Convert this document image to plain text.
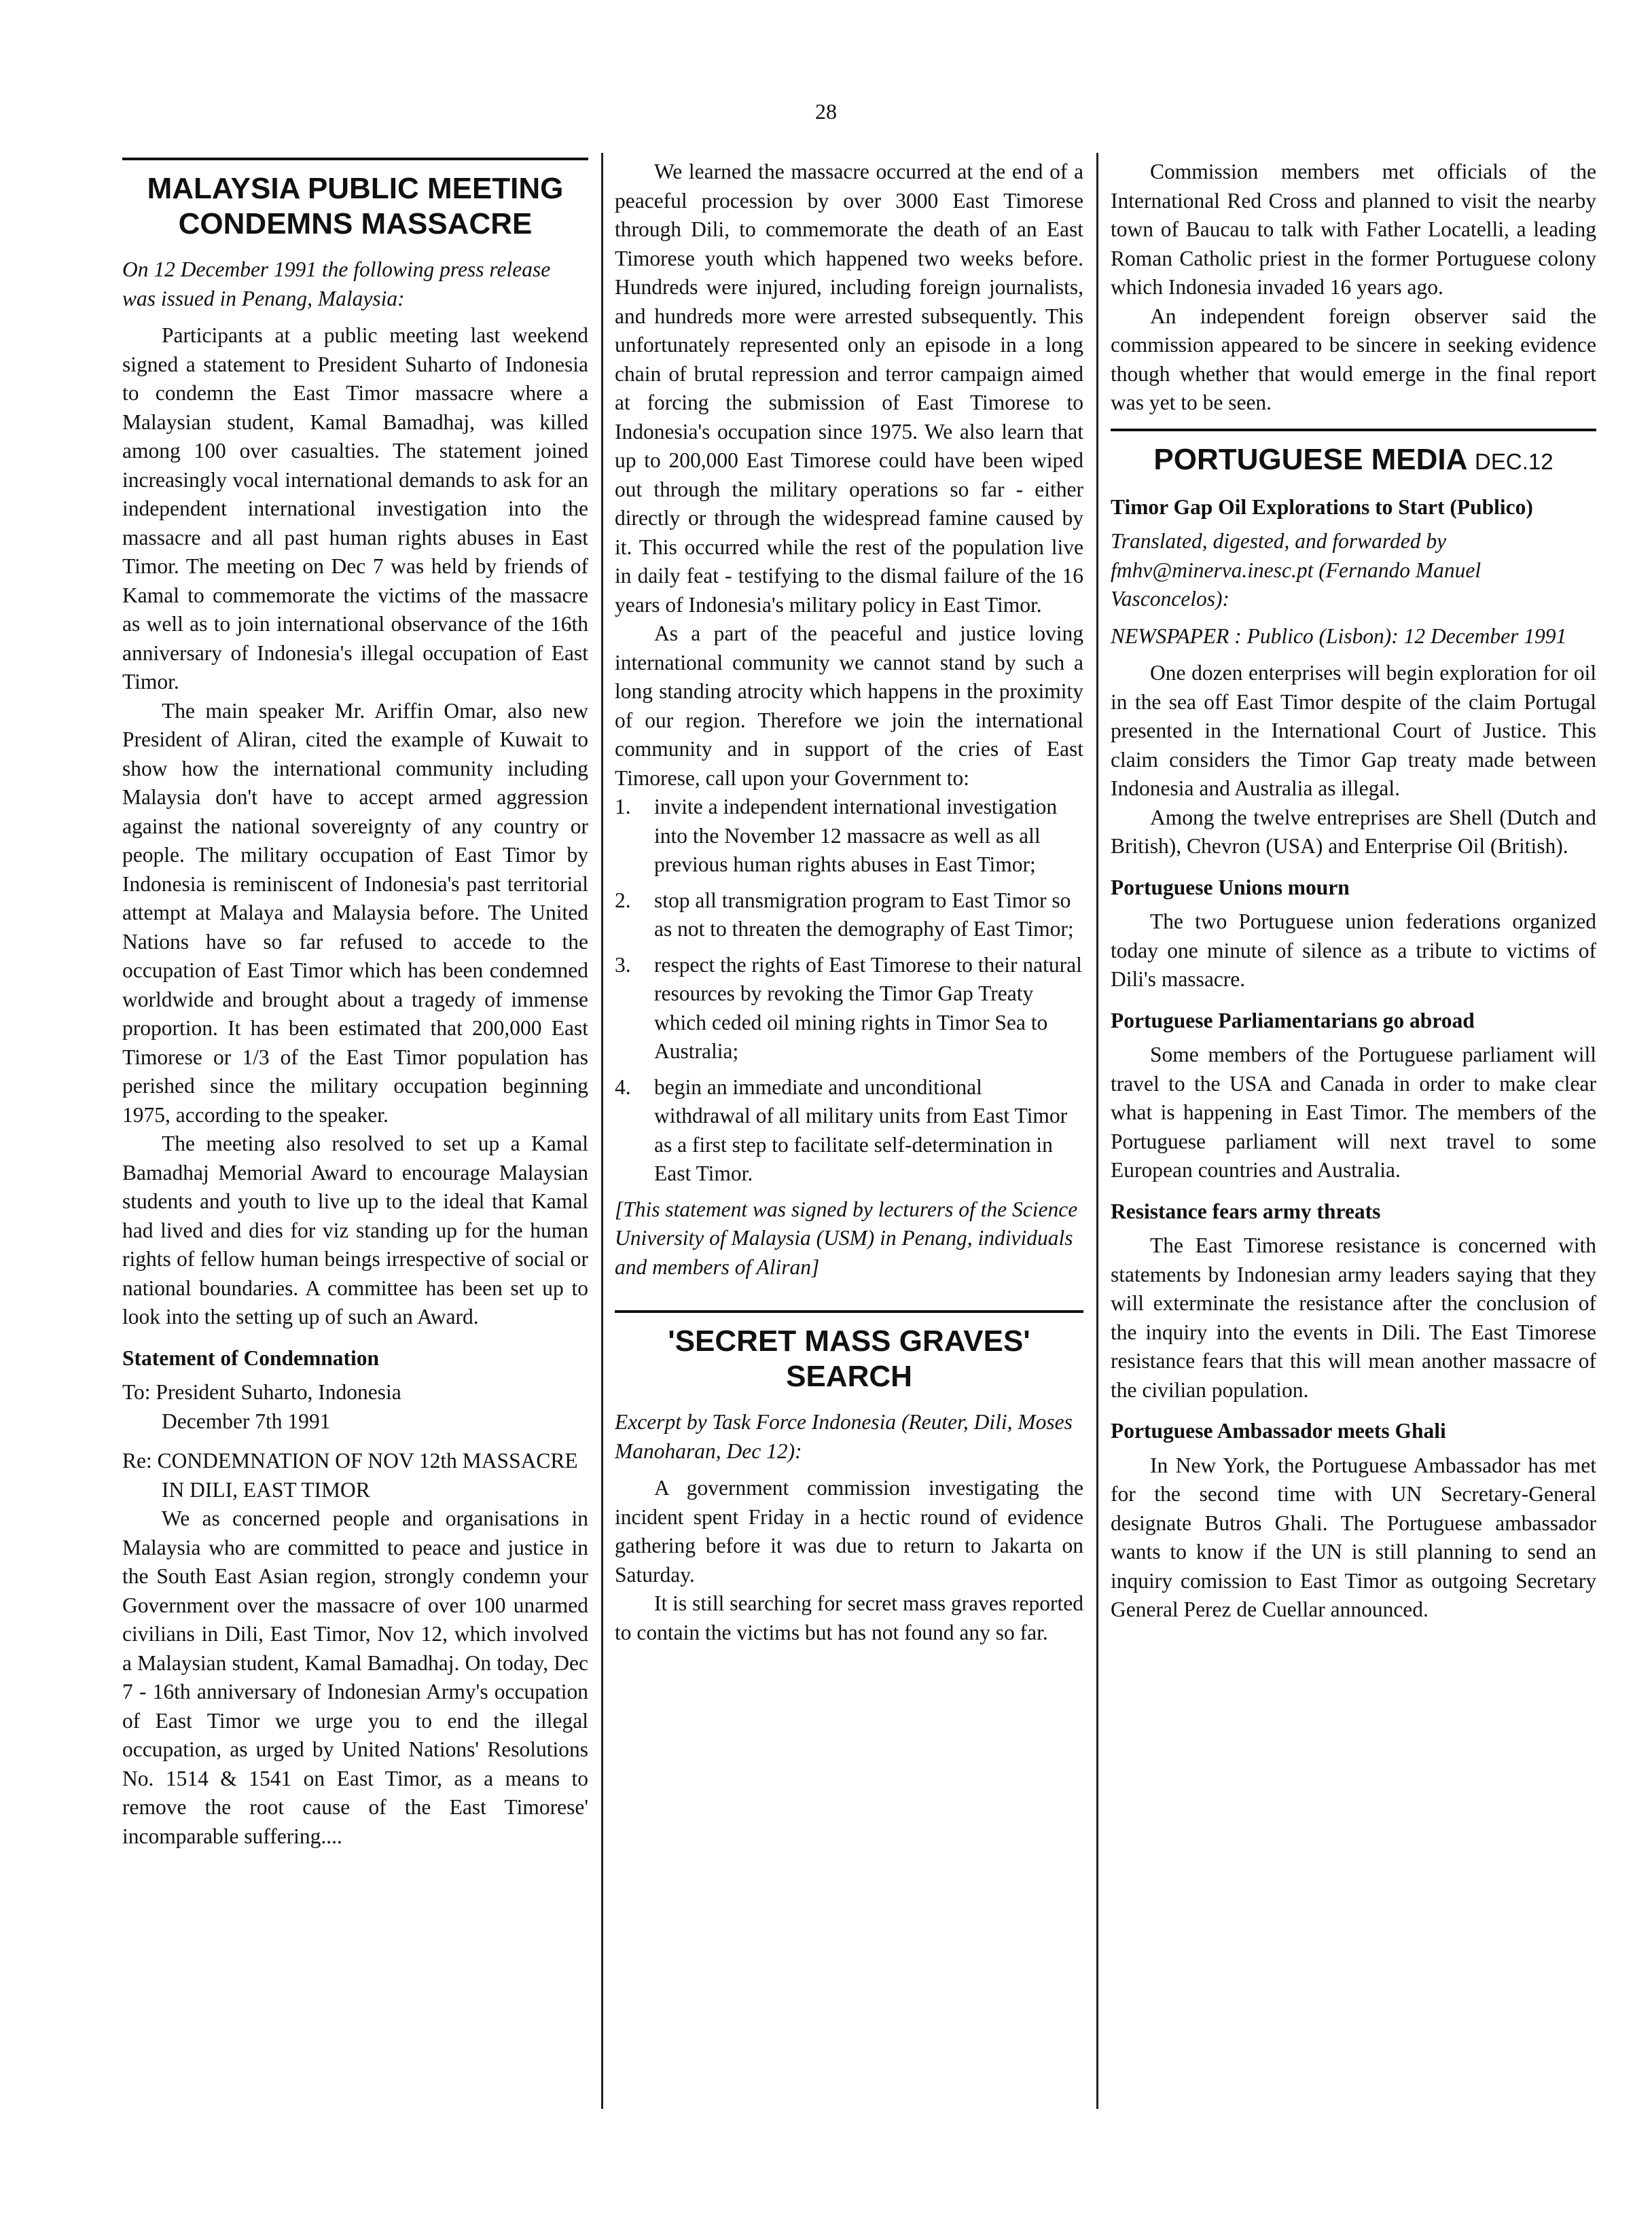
28
MALAYSIA PUBLIC MEETING CONDEMNS MASSACRE
On 12 December 1991 the following press release was issued in Penang, Malaysia:

Participants at a public meeting last weekend signed a statement to President Suharto of Indonesia to condemn the East Timor massacre where a Malaysian student, Kamal Bamadhaj, was killed among 100 over casualties. The statement joined increasingly vocal international demands to ask for an independent international investigation into the massacre and all past human rights abuses in East Timor. The meeting on Dec 7 was held by friends of Kamal to commemorate the victims of the massacre as well as to join international observance of the 16th anniversary of Indonesia's illegal occupation of East Timor.

The main speaker Mr. Ariffin Omar, also new President of Aliran, cited the example of Kuwait to show how the international community including Malaysia don't have to accept armed aggression against the national sovereignty of any country or people. The military occupation of East Timor by Indonesia is reminiscent of Indonesia's past territorial attempt at Malaya and Malaysia before. The United Nations have so far refused to accede to the occupation of East Timor which has been condemned worldwide and brought about a tragedy of immense proportion. It has been estimated that 200,000 East Timorese or 1/3 of the East Timor population has perished since the military occupation beginning 1975, according to the speaker.

The meeting also resolved to set up a Kamal Bamadhaj Memorial Award to encourage Malaysian students and youth to live up to the ideal that Kamal had lived and dies for viz standing up for the human rights of fellow human beings irrespective of social or national boundaries. A committee has been set up to look into the setting up of such an Award.

Statement of Condemnation

To: President Suharto, Indonesia

December 7th 1991

Re: CONDEMNATION OF NOV 12th MASSACRE IN DILI, EAST TIMOR

We as concerned people and organisations in Malaysia who are committed to peace and justice in the South East Asian region, strongly condemn your Government over the massacre of over 100 unarmed civilians in Dili, East Timor, Nov 12, which involved a Malaysian student, Kamal Bamadhaj. On today, Dec 7 - 16th anniversary of Indonesian Army's occupation of East Timor we urge you to end the illegal occupation, as urged by United Nations' Resolutions No. 1514 & 1541 on East Timor, as a means to remove the root cause of the East Timorese' incomparable suffering....

We learned the massacre occurred at the end of a peaceful procession by over 3000 East Timorese through Dili, to commemorate the death of an East Timorese youth which happened two weeks before. Hundreds were injured, including foreign journalists, and hundreds more were arrested subsequently. This unfortunately represented only an episode in a long chain of brutal repression and terror campaign aimed at forcing the submission of East Timorese to Indonesia's occupation since 1975. We also learn that up to 200,000 East Timorese could have been wiped out through the military operations so far - either directly or through the widespread famine caused by it. This occurred while the rest of the population live in daily feat - testifying to the dismal failure of the 16 years of Indonesia's military policy in East Timor.

As a part of the peaceful and justice loving international community we cannot stand by such a long standing atrocity which happens in the proximity of our region. Therefore we join the international community and in support of the cries of East Timorese, call upon your Government to:

1. invite a independent international investigation into the November 12 massacre as well as all previous human rights abuses in East Timor;
2. stop all transmigration program to East Timor so as not to threaten the demography of East Timor;
3. respect the rights of East Timorese to their natural resources by revoking the Timor Gap Treaty which ceded oil mining rights in Timor Sea to Australia;
4. begin an immediate and unconditional withdrawal of all military units from East Timor as a first step to facilitate self-determination in East Timor.
[This statement was signed by lecturers of the Science University of Malaysia (USM) in Penang, individuals and members of Aliran]
'SECRET MASS GRAVES' SEARCH
Excerpt by Task Force Indonesia (Reuter, Dili, Moses Manoharan, Dec 12):

A government commission investigating the incident spent Friday in a hectic round of evidence gathering before it was due to return to Jakarta on Saturday.

It is still searching for secret mass graves reported to contain the victims but has not found any so far.

Commission members met officials of the International Red Cross and planned to visit the nearby town of Baucau to talk with Father Locatelli, a leading Roman Catholic priest in the former Portuguese colony which Indonesia invaded 16 years ago.

An independent foreign observer said the commission appeared to be sincere in seeking evidence though whether that would emerge in the final report was yet to be seen.

PORTUGUESE MEDIA DEC.12
Timor Gap Oil Explorations to Start (Publico)
Translated, digested, and forwarded by fmhv@minerva.inesc.pt (Fernando Manuel Vasconcelos):
NEWSPAPER : Publico (Lisbon): 12 December 1991

One dozen enterprises will begin exploration for oil in the sea off East Timor despite of the claim Portugal presented in the International Court of Justice. This claim considers the Timor Gap treaty made between Indonesia and Australia as illegal.

Among the twelve entreprises are Shell (Dutch and British), Chevron (USA) and Enterprise Oil (British).

Portuguese Unions mourn

The two Portuguese union federations organized today one minute of silence as a tribute to victims of Dili's massacre.

Portuguese Parliamentarians go abroad

Some members of the Portuguese parliament will travel to the USA and Canada in order to make clear what is happening in East Timor. The members of the Portuguese parliament will next travel to some European countries and Australia.

Resistance fears army threats

The East Timorese resistance is concerned with statements by Indonesian army leaders saying that they will exterminate the resistance after the conclusion of the inquiry into the events in Dili. The East Timorese resistance fears that this will mean another massacre of the civilian population.

Portuguese Ambassador meets Ghali

In New York, the Portuguese Ambassador has met for the second time with UN Secretary-General designate Butros Ghali. The Portuguese ambassador wants to know if the UN is still planning to send an inquiry comission to East Timor as outgoing Secretary General Perez de Cuellar announced.
